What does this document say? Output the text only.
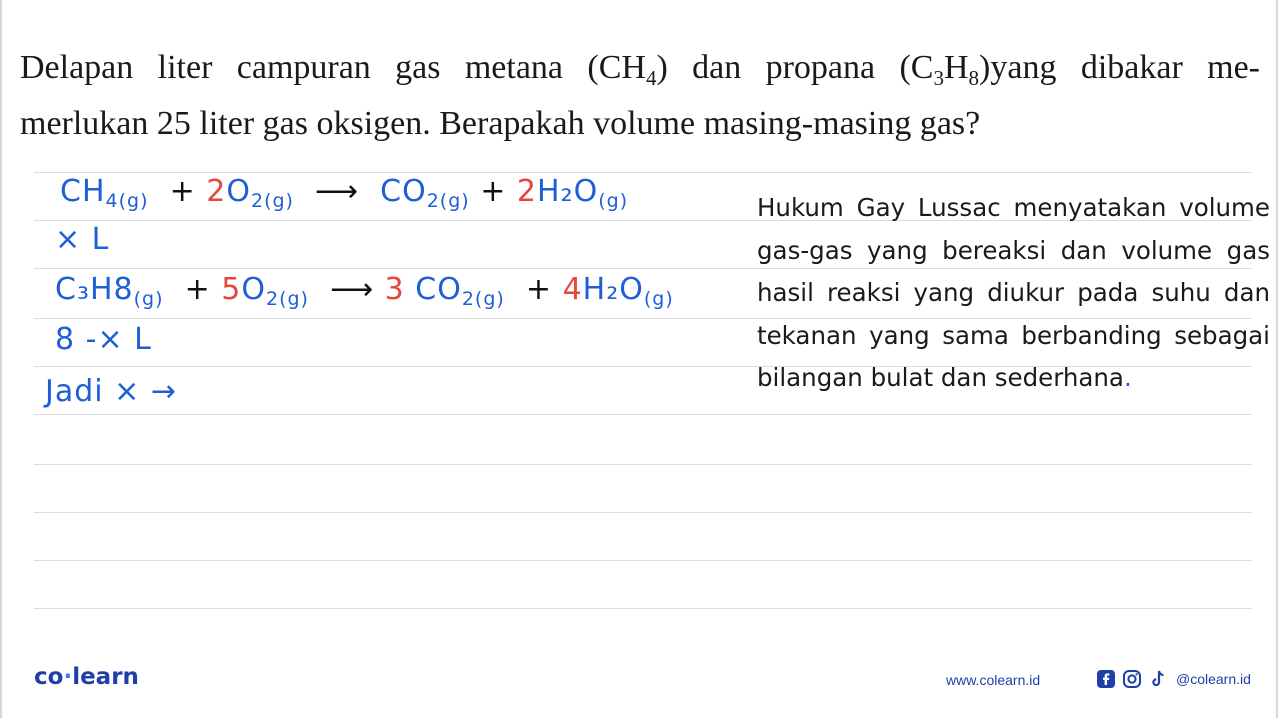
Delapan liter campuran gas metana $(CH_4)$ dan propana $(C_3H_8)yang$ dibakar me-
merlukan 25 liter gas oksigen. Berapakah volume masing-masing gas?
$CH_{4(g)} + 2O_{2(g)}$ ⟶ $CO_{2(g)} + 2H_2O_{(g)}$
× L
$C_3H8_{(g)} + 5O_{2(g)}$ ⟶ 3 $CO_{2(g)} + 4H_2O_{(g)}$
8 -× L
Jadi × →
Hukum Gay Lussac menyatakan volume gas-gas yang bereaksi dan volume gas hasil reaksi yang diukur pada suhu dan tekanan yang sama berbanding sebagai bilangan bulat dan sederhana.
co·learn	www.colearn.id	@colearn.id
